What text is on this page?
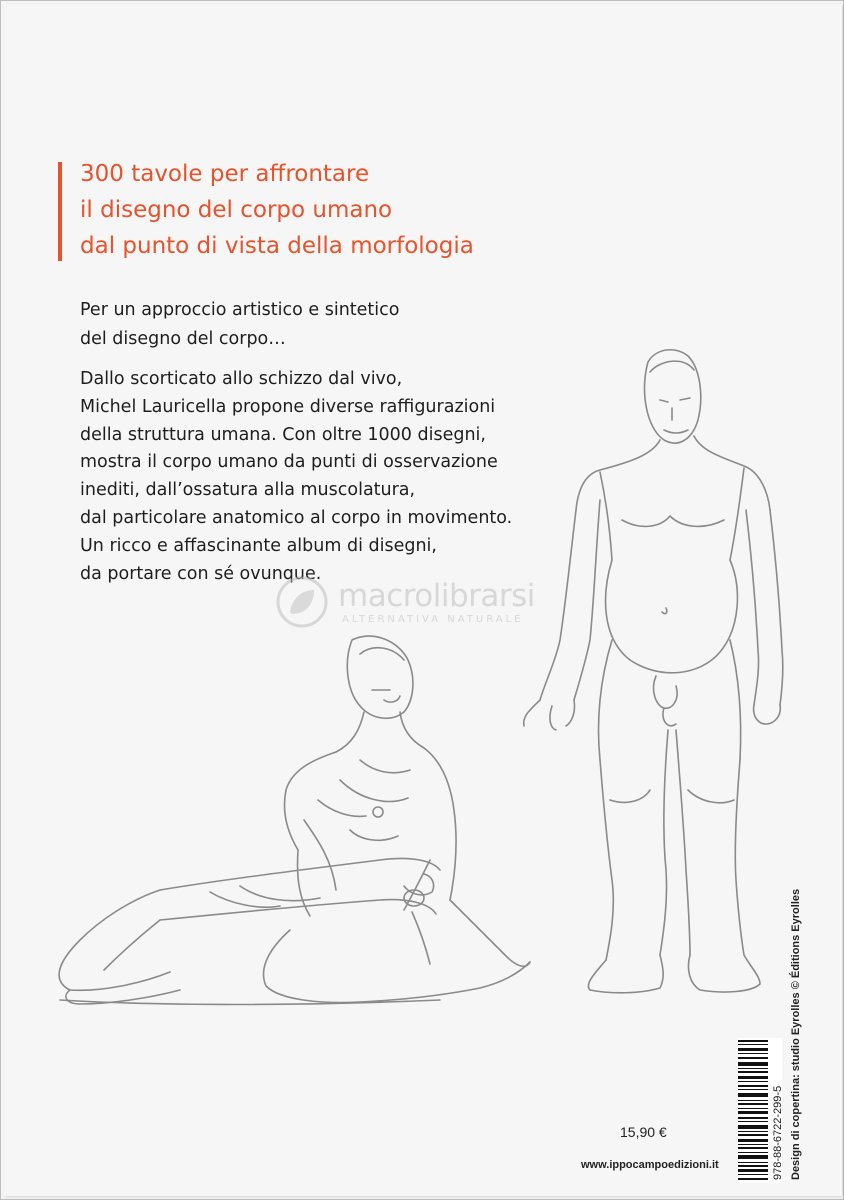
300 tavole per affrontare
il disegno del corpo umano
dal punto di vista della morfologia
Per un approccio artistico e sintetico
del disegno del corpo…
Dallo scorticato allo schizzo dal vivo,
Michel Lauricella propone diverse raffigurazioni
della struttura umana. Con oltre 1000 disegni,
mostra il corpo umano da punti di osservazione
inediti, dall’ossatura alla muscolatura,
dal particolare anatomico al corpo in movimento.
Un ricco e affascinante album di disegni,
da portare con sé ovunque.
macrolibrarsi
ALTERNATIVA NATURALE
978-88-6722-299-5 Design di copertina: studio Eyrolles © Éditions Eyrolles
15,90 €
www.ippocampoedizioni.it
